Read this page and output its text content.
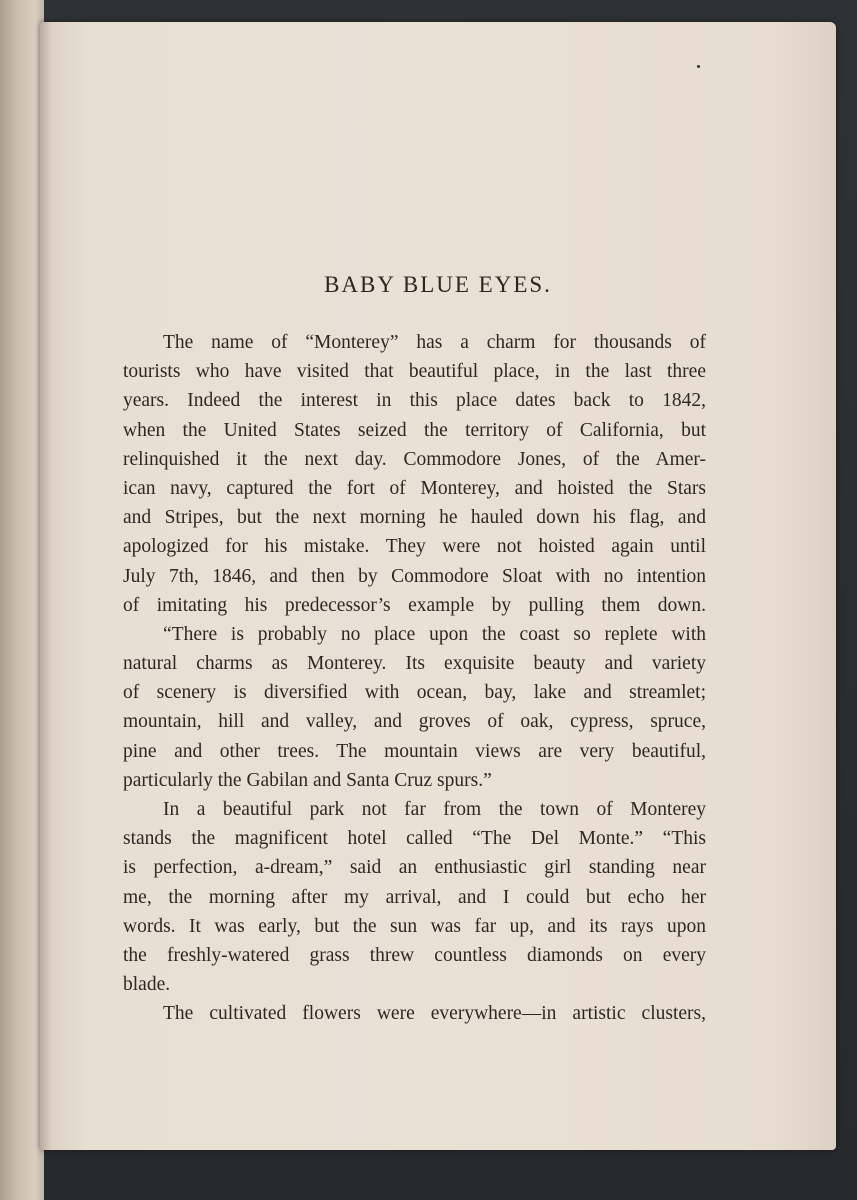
BABY BLUE EYES.
The name of “Monterey” has a charm for thousands of
tourists who have visited that beautiful place, in the last three
years. Indeed the interest in this place dates back to 1842,
when the United States seized the territory of California, but
relinquished it the next day. Commodore Jones, of the Amer-
ican navy, captured the fort of Monterey, and hoisted the Stars
and Stripes, but the next morning he hauled down his flag, and
apologized for his mistake. They were not hoisted again until
July 7th, 1846, and then by Commodore Sloat with no intention
of imitating his predecessor’s example by pulling them down.
“There is probably no place upon the coast so replete with
natural charms as Monterey. Its exquisite beauty and variety
of scenery is diversified with ocean, bay, lake and streamlet;
mountain, hill and valley, and groves of oak, cypress, spruce,
pine and other trees. The mountain views are very beautiful,
particularly the Gabilan and Santa Cruz spurs.”
In a beautiful park not far from the town of Monterey
stands the magnificent hotel called “The Del Monte.” “This
is perfection, a-dream,” said an enthusiastic girl standing near
me, the morning after my arrival, and I could but echo her
words. It was early, but the sun was far up, and its rays upon
the freshly-watered grass threw countless diamonds on every
blade.
The cultivated flowers were everywhere—in artistic clusters,
